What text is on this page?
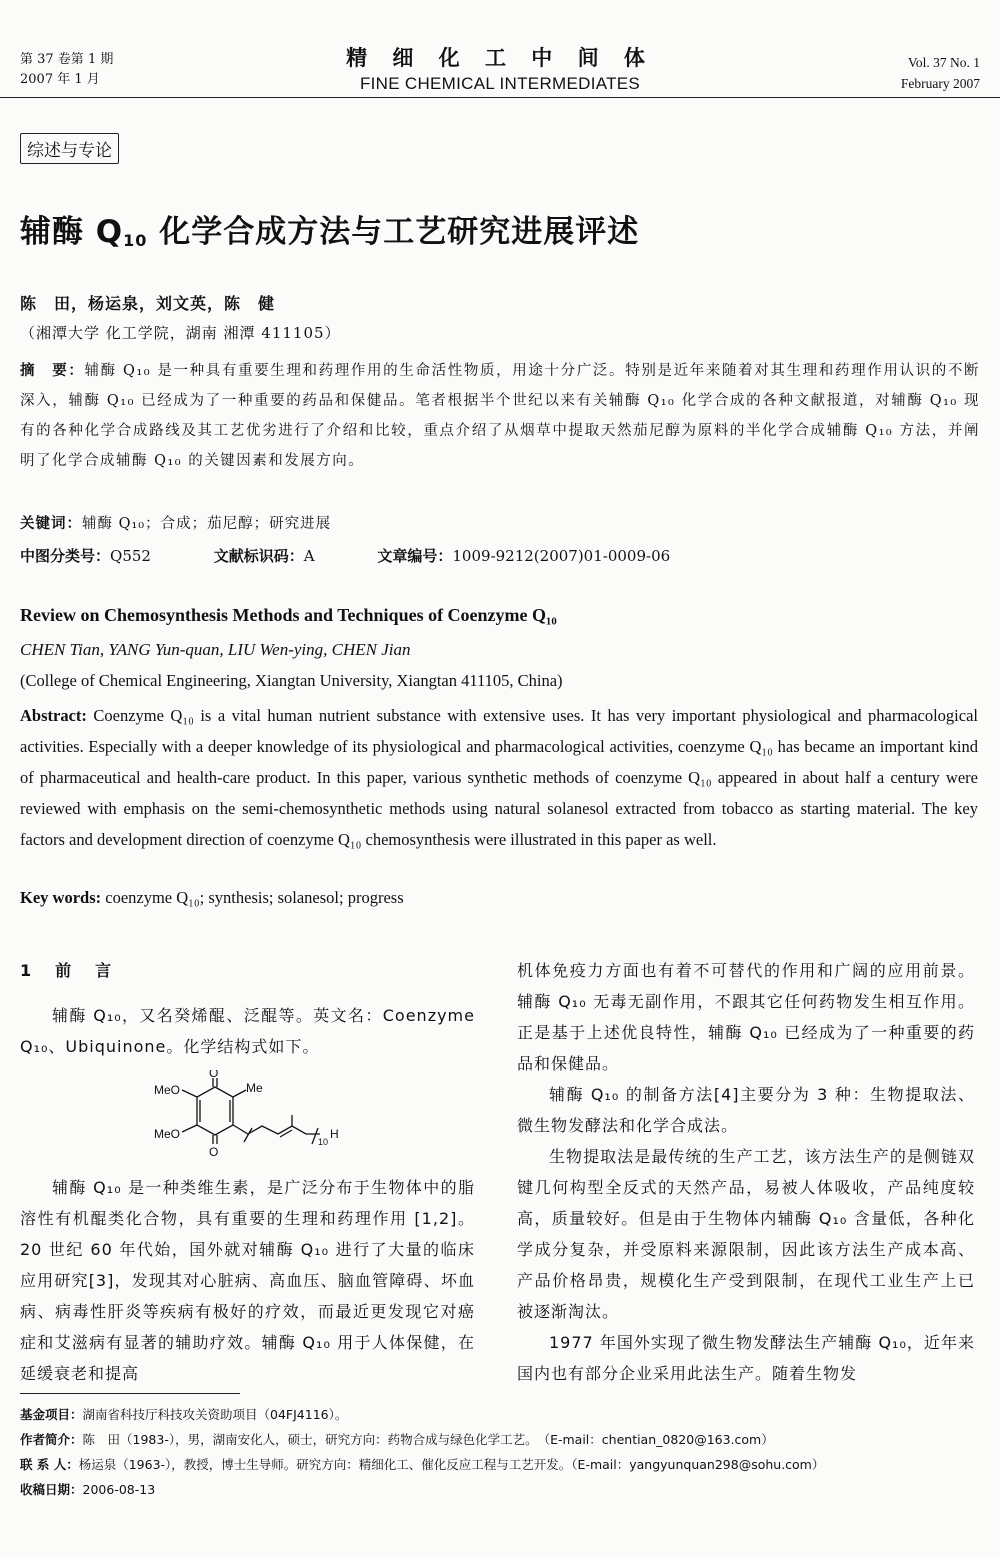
第 37 卷第 1 期
2007 年 1 月
精 细 化 工 中 间 体
FINE CHEMICAL INTERMEDIATES
Vol. 37 No. 1
February 2007
综述与专论
辅酶 $Q_{10}$ 化学合成方法与工艺研究进展评述
陈　田，杨运泉，刘文英，陈　健
（湘潭大学 化工学院，湖南 湘潭 411105）
摘　要：辅酶 Q₁₀ 是一种具有重要生理和药理作用的生命活性物质，用途十分广泛。特别是近年来随着对其生理和药理作用认识的不断深入，辅酶 Q₁₀ 已经成为了一种重要的药品和保健品。笔者根据半个世纪以来有关辅酶 Q₁₀ 化学合成的各种文献报道，对辅酶 Q₁₀ 现有的各种化学合成路线及其工艺优劣进行了介绍和比较，重点介绍了从烟草中提取天然茄尼醇为原料的半化学合成辅酶 Q₁₀ 方法，并阐明了化学合成辅酶 Q₁₀ 的关键因素和发展方向。
关键词：辅酶 Q₁₀；合成；茄尼醇；研究进展
中图分类号：Q552	文献标识码：A	文章编号：1009-9212(2007)01-0009-06
Review on Chemosynthesis Methods and Techniques of Coenzyme Q₁₀
CHEN Tian, YANG Yun-quan, LIU Wen-ying, CHEN Jian
(College of Chemical Engineering, Xiangtan University, Xiangtan 411105, China)
Abstract: Coenzyme Q₁₀ is a vital human nutrient substance with extensive uses. It has very important physiological and pharmacological activities. Especially with a deeper knowledge of its physiological and pharmacological activities, coenzyme Q₁₀ has became an important kind of pharmaceutical and health-care product. In this paper, various synthetic methods of coenzyme Q₁₀ appeared in about half a century were reviewed with emphasis on the semi-chemosynthetic methods using natural solanesol extracted from tobacco as starting material. The key factors and development direction of coenzyme Q₁₀ chemosynthesis were illustrated in this paper as well.
Key words: coenzyme Q₁₀; synthesis; solanesol; progress
1　前　言
辅酶 Q₁₀，又名癸烯醌、泛醌等。英文名：Coenzyme Q₁₀、Ubiquinone。化学结构式如下。
O
O
MeO
MeO
Me
10
H
辅酶 Q₁₀ 是一种类维生素，是广泛分布于生物体中的脂溶性有机醌类化合物，具有重要的生理和药理作用 [1,2]。20 世纪 60 年代始，国外就对辅酶 Q₁₀ 进行了大量的临床应用研究[3]，发现其对心脏病、高血压、脑血管障碍、坏血病、病毒性肝炎等疾病有极好的疗效，而最近更发现它对癌症和艾滋病有显著的辅助疗效。辅酶 Q₁₀ 用于人体保健，在延缓衰老和提高

机体免疫力方面也有着不可替代的作用和广阔的应用前景。辅酶 Q₁₀ 无毒无副作用，不跟其它任何药物发生相互作用。正是基于上述优良特性，辅酶 Q₁₀ 已经成为了一种重要的药品和保健品。

辅酶 Q₁₀ 的制备方法[4]主要分为 3 种：生物提取法、微生物发酵法和化学合成法。

生物提取法是最传统的生产工艺，该方法生产的是侧链双键几何构型全反式的天然产品，易被人体吸收，产品纯度较高，质量较好。但是由于生物体内辅酶 Q₁₀ 含量低，各种化学成分复杂，并受原料来源限制，因此该方法生产成本高、产品价格昂贵，规模化生产受到限制，在现代工业生产上已被逐渐淘汰。

1977 年国外实现了微生物发酵法生产辅酶 Q₁₀，近年来国内也有部分企业采用此法生产。随着生物发

基金项目：湖南省科技厅科技攻关资助项目（04FJ4116）。
作者简介：陈　田（1983-），男，湖南安化人，硕士，研究方向：药物合成与绿色化学工艺。　（E-mail：chentian_0820@163.com）
联 系 人：杨运泉（1963-），教授，博士生导师。研究方向：精细化工、催化反应工程与工艺开发。（E-mail：yangyunquan298@sohu.com）
收稿日期：2006-08-13
